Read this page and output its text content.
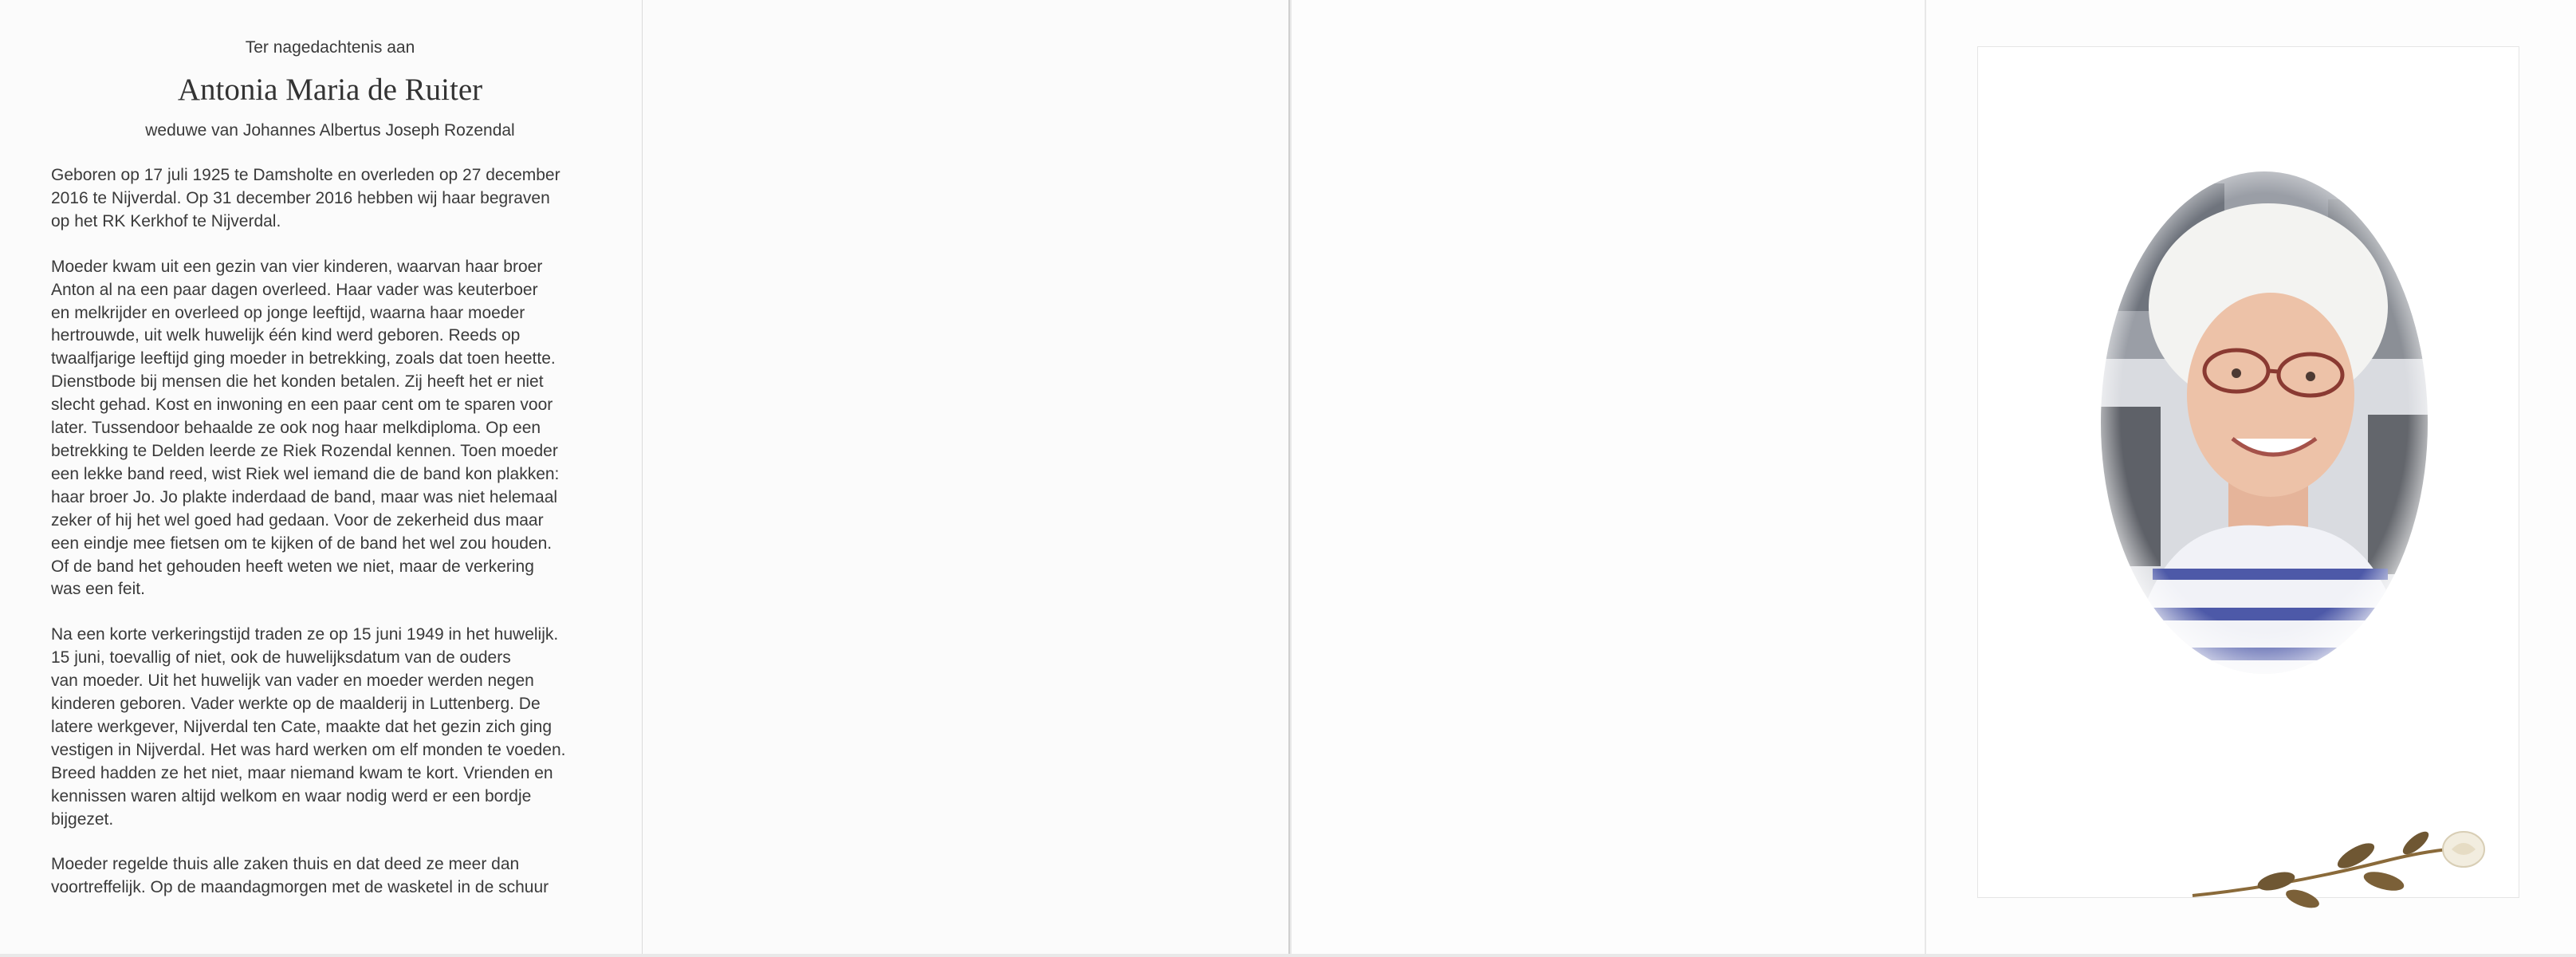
Ter nagedachtenis aan
Antonia Maria de Ruiter
weduwe van Johannes Albertus Joseph Rozendal

Geboren op 17 juli 1925 te Damsholte en overleden op 27 december
2016 te Nijverdal. Op 31 december 2016 hebben wij haar begraven
op het RK Kerkhof te Nijverdal.

Moeder kwam uit een gezin van vier kinderen, waarvan haar broer
Anton al na een paar dagen overleed. Haar vader was keuterboer
en melkrijder en overleed op jonge leeftijd, waarna haar moeder
hertrouwde, uit welk huwelijk één kind werd geboren. Reeds op
twaalfjarige leeftijd ging moeder in betrekking, zoals dat toen heette.
Dienstbode bij mensen die het konden betalen. Zij heeft het er niet
slecht gehad. Kost en inwoning en een paar cent om te sparen voor
later. Tussendoor behaalde ze ook nog haar melkdiploma. Op een
betrekking te Delden leerde ze Riek Rozendal kennen. Toen moeder
een lekke band reed, wist Riek wel iemand die de band kon plakken:
haar broer Jo. Jo plakte inderdaad de band, maar was niet helemaal
zeker of hij het wel goed had gedaan. Voor de zekerheid dus maar
een eindje mee fietsen om te kijken of de band het wel zou houden.
Of de band het gehouden heeft weten we niet, maar de verkering
was een feit.

Na een korte verkeringstijd traden ze op 15 juni 1949 in het huwelijk.
15 juni, toevallig of niet, ook de huwelijksdatum van de ouders
van moeder. Uit het huwelijk van vader en moeder werden negen
kinderen geboren. Vader werkte op de maalderij in Luttenberg. De
latere werkgever, Nijverdal ten Cate, maakte dat het gezin zich ging
vestigen in Nijverdal. Het was hard werken om elf monden te voeden.
Breed hadden ze het niet, maar niemand kwam te kort. Vrienden en
kennissen waren altijd welkom en waar nodig werd er een bordje
bijgezet.

Moeder regelde thuis alle zaken thuis en dat deed ze meer dan
voortreffelijk. Op de maandagmorgen met de wasketel in de schuur
